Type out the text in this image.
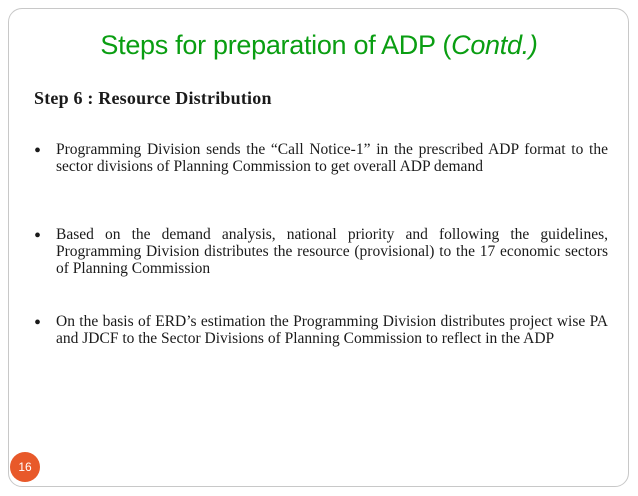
Steps for preparation of ADP (Contd.)
Step 6 : Resource Distribution
• Programming Division sends the “Call Notice-1” in the prescribed ADP format to the sector divisions of Planning Commission to get overall ADP demand
• Based on the demand analysis, national priority and following the guidelines, Programming Division distributes the resource (provisional) to the 17 economic sectors of Planning Commission
• On the basis of ERD’s estimation the Programming Division distributes project wise PA and JDCF to the Sector Divisions of Planning Commission to reflect in the ADP
16
